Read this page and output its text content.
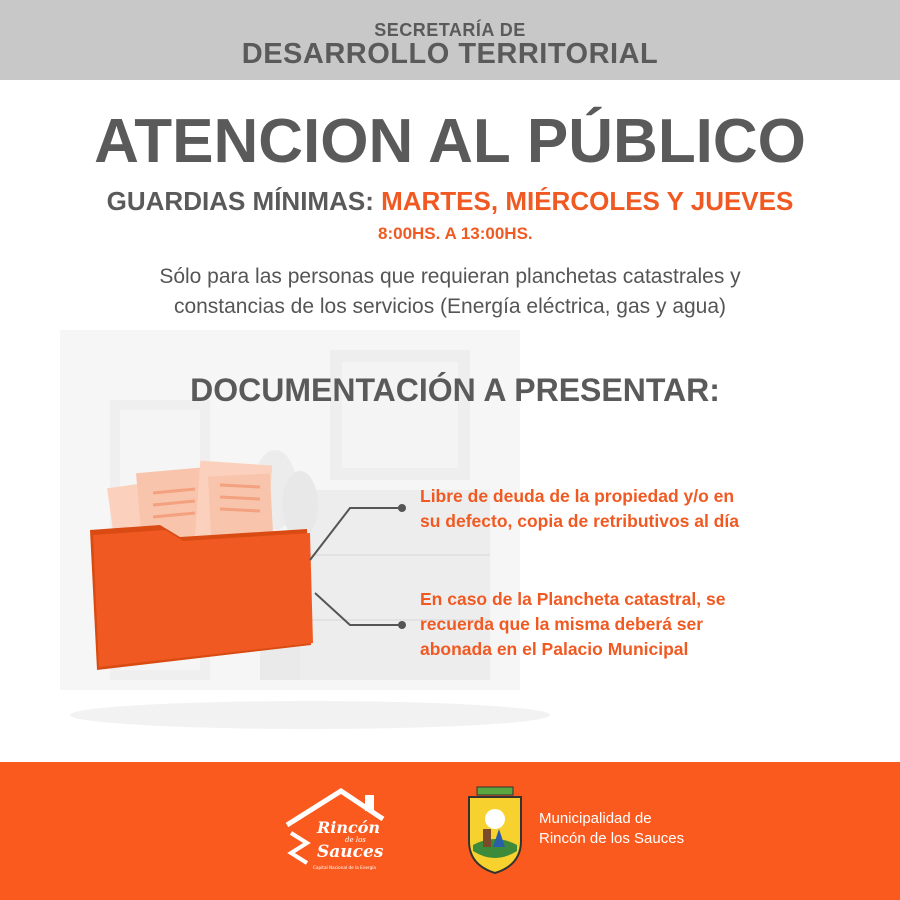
SECRETARÍA DE
DESARROLLO TERRITORIAL
ATENCION AL PÚBLICO
GUARDIAS MÍNIMAS: MARTES, MIÉRCOLES Y JUEVES
8:00HS. A 13:00HS.
Sólo para las personas que requieran planchetas catastrales y
constancias de los servicios (Energía eléctrica, gas y agua)
DOCUMENTACIÓN A PRESENTAR:
Libre de deuda de la propiedad y/o en
su defecto, copia de retributivos al día
En caso de la Plancheta catastral, se
recuerda que la misma deberá ser
abonada en el Palacio Municipal
Rincón
de los
Sauces
Capital Nacional de la Energía
Municipalidad de
Rincón de los Sauces
